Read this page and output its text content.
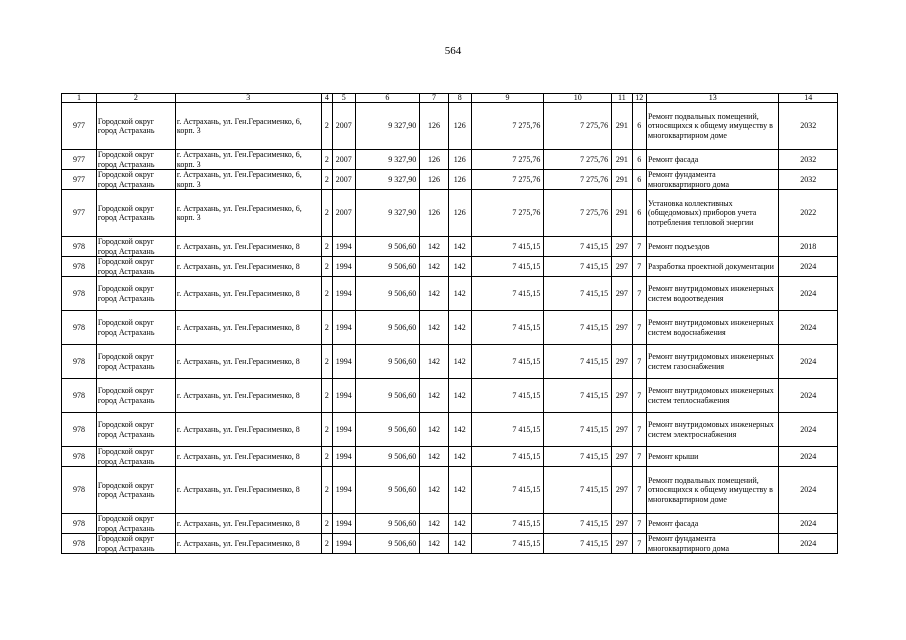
564
1	2	3	4	5	6	7	8	9	10	11	12	13	14
977	Городской округ город Астрахань	г. Астрахань, ул. Ген.Герасименко, 6, корп. 3	2	2007	9 327,90	126	126	7 275,76	7 275,76	291	6	Ремонт подвальных помещений, относящихся к общему имуществу в многоквартирном доме	2032
977	Городской округ город Астрахань	г. Астрахань, ул. Ген.Герасименко, 6, корп. 3	2	2007	9 327,90	126	126	7 275,76	7 275,76	291	6	Ремонт фасада	2032
977	Городской округ город Астрахань	г. Астрахань, ул. Ген.Герасименко, 6, корп. 3	2	2007	9 327,90	126	126	7 275,76	7 275,76	291	6	Ремонт фундамента многоквартирного дома	2032
977	Городской округ город Астрахань	г. Астрахань, ул. Ген.Герасименко, 6, корп. 3	2	2007	9 327,90	126	126	7 275,76	7 275,76	291	6	Установка коллективных (общедомовых) приборов учета потребления тепловой энергии	2022
978	Городской округ город Астрахань	г. Астрахань, ул. Ген.Герасименко, 8	2	1994	9 506,60	142	142	7 415,15	7 415,15	297	7	Ремонт подъездов	2018
978	Городской округ город Астрахань	г. Астрахань, ул. Ген.Герасименко, 8	2	1994	9 506,60	142	142	7 415,15	7 415,15	297	7	Разработка проектной документации	2024
978	Городской округ город Астрахань	г. Астрахань, ул. Ген.Герасименко, 8	2	1994	9 506,60	142	142	7 415,15	7 415,15	297	7	Ремонт внутридомовых инженерных систем водоотведения	2024
978	Городской округ город Астрахань	г. Астрахань, ул. Ген.Герасименко, 8	2	1994	9 506,60	142	142	7 415,15	7 415,15	297	7	Ремонт внутридомовых инженерных систем водоснабжения	2024
978	Городской округ город Астрахань	г. Астрахань, ул. Ген.Герасименко, 8	2	1994	9 506,60	142	142	7 415,15	7 415,15	297	7	Ремонт внутридомовых инженерных систем газоснабжения	2024
978	Городской округ город Астрахань	г. Астрахань, ул. Ген.Герасименко, 8	2	1994	9 506,60	142	142	7 415,15	7 415,15	297	7	Ремонт внутридомовых инженерных систем теплоснабжения	2024
978	Городской округ город Астрахань	г. Астрахань, ул. Ген.Герасименко, 8	2	1994	9 506,60	142	142	7 415,15	7 415,15	297	7	Ремонт внутридомовых инженерных систем электроснабжения	2024
978	Городской округ город Астрахань	г. Астрахань, ул. Ген.Герасименко, 8	2	1994	9 506,60	142	142	7 415,15	7 415,15	297	7	Ремонт крыши	2024
978	Городской округ город Астрахань	г. Астрахань, ул. Ген.Герасименко, 8	2	1994	9 506,60	142	142	7 415,15	7 415,15	297	7	Ремонт подвальных помещений, относящихся к общему имуществу в многоквартирном доме	2024
978	Городской округ город Астрахань	г. Астрахань, ул. Ген.Герасименко, 8	2	1994	9 506,60	142	142	7 415,15	7 415,15	297	7	Ремонт фасада	2024
978	Городской округ город Астрахань	г. Астрахань, ул. Ген.Герасименко, 8	2	1994	9 506,60	142	142	7 415,15	7 415,15	297	7	Ремонт фундамента многоквартирного дома	2024
